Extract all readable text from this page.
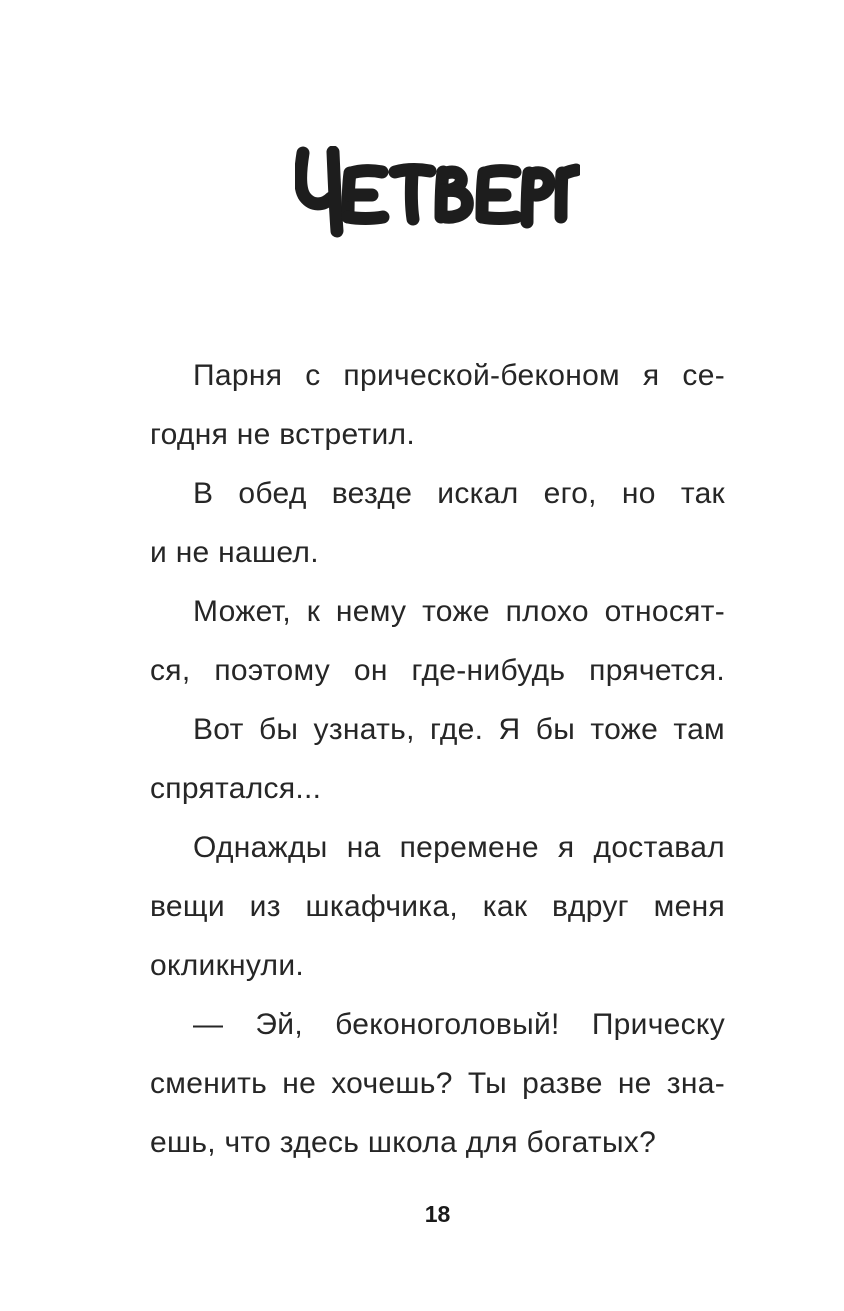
Парня с прической-беконом я се-

годня не встретил.

В обед везде искал его, но так

и не нашел.

Может, к нему тоже плохо относят-

ся, поэтому он где-нибудь прячется.

Вот бы узнать, где. Я бы тоже там

спрятался...

Однажды на перемене я доставал

вещи из шкафчика, как вдруг меня

окликнули.

— Эй, беконоголовый! Прическу

сменить не хочешь? Ты разве не зна-

ешь, что здесь школа для богатых?

18
